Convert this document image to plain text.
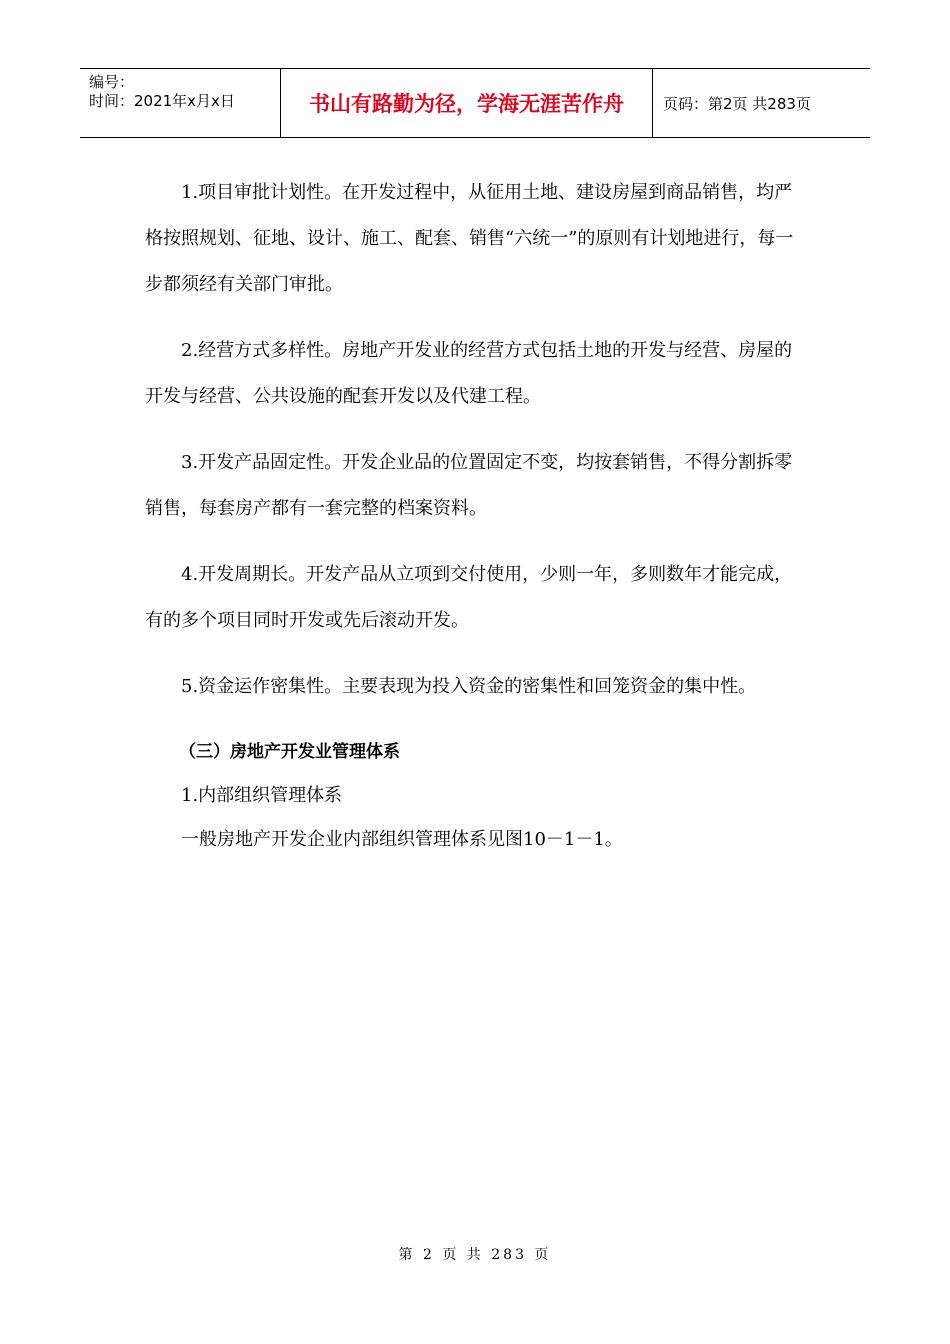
编号：
时间：2021年x月x日	书山有路勤为径，学海无涯苦作舟	页码：第2页 共283页

1.项目审批计划性。在开发过程中，从征用土地、建设房屋到商品销售，均严格按照规划、征地、设计、施工、配套、销售“六统一”的原则有计划地进行，每一步都须经有关部门审批。

2.经营方式多样性。房地产开发业的经营方式包括土地的开发与经营、房屋的开发与经营、公共设施的配套开发以及代建工程。

3.开发产品固定性。开发企业品的位置固定不变，均按套销售，不得分割拆零销售，每套房产都有一套完整的档案资料。

4.开发周期长。开发产品从立项到交付使用，少则一年，多则数年才能完成，有的多个项目同时开发或先后滚动开发。

5.资金运作密集性。主要表现为投入资金的密集性和回笼资金的集中性。

（三）房地产开发业管理体系

1.内部组织管理体系

一般房地产开发企业内部组织管理体系见图10－1－1。

第 2 页 共 283 页
